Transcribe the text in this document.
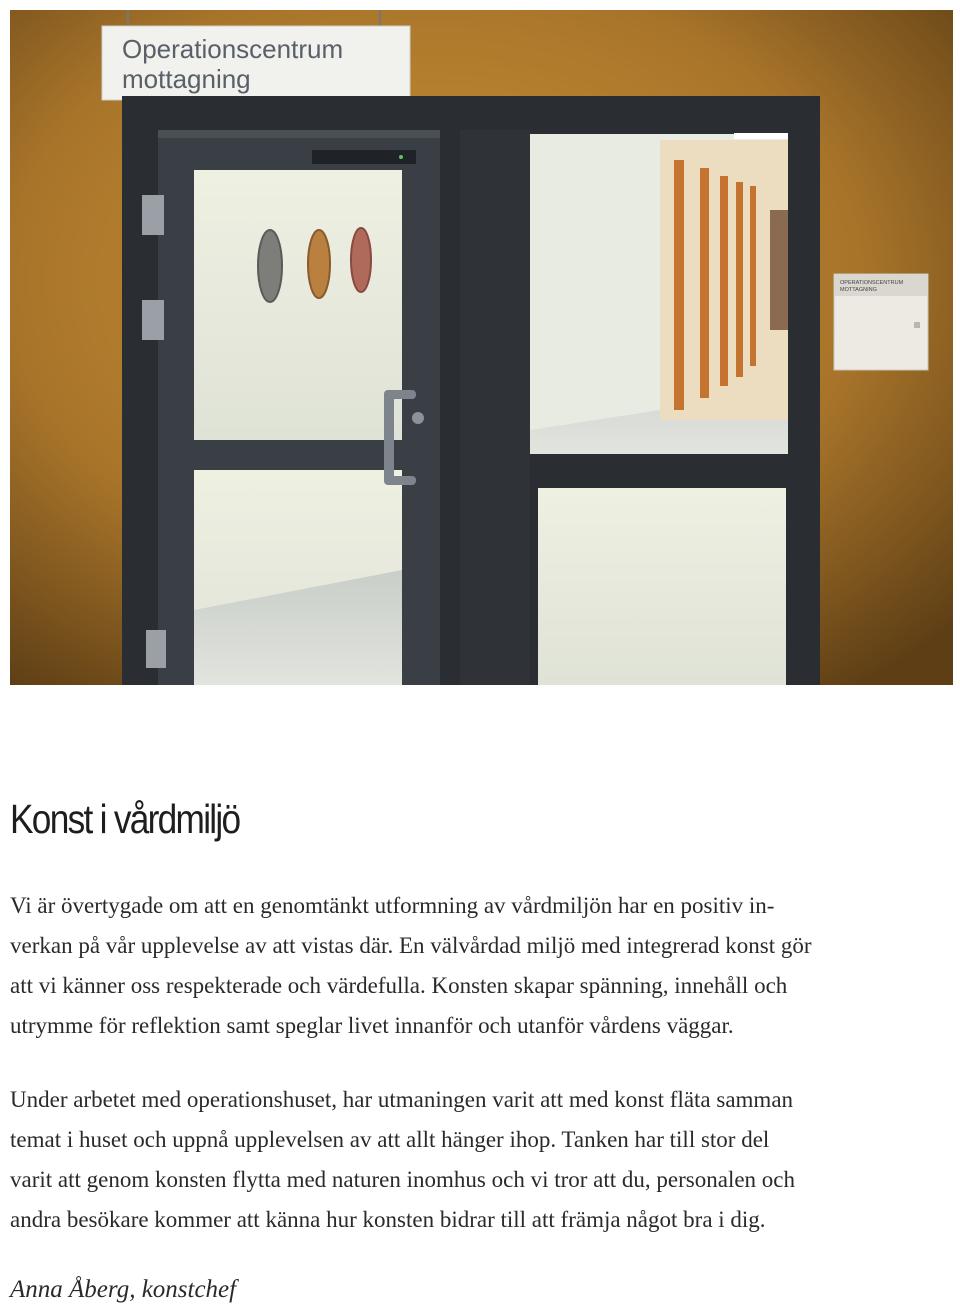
Operationscentrum
mottagning
OPERATIONSCENTRUM
MOTTAGNING
Konst i vårdmiljö

Vi är övertygade om att en genomtänkt utformning av vårdmiljön har en positiv in-
verkan på vår upplevelse av att vistas där. En välvårdad miljö med integrerad konst gör
att vi känner oss respekterade och värdefulla. Konsten skapar spänning, innehåll och
utrymme för reflektion samt speglar livet innanför och utanför vårdens väggar.

Under arbetet med operationshuset, har utmaningen varit att med konst fläta samman
temat i huset och uppnå upplevelsen av att allt hänger ihop. Tanken har till stor del
varit att genom konsten flytta med naturen inomhus och vi tror att du, personalen och
andra besökare kommer att känna hur konsten bidrar till att främja något bra i dig.

Anna Åberg, konstchef
